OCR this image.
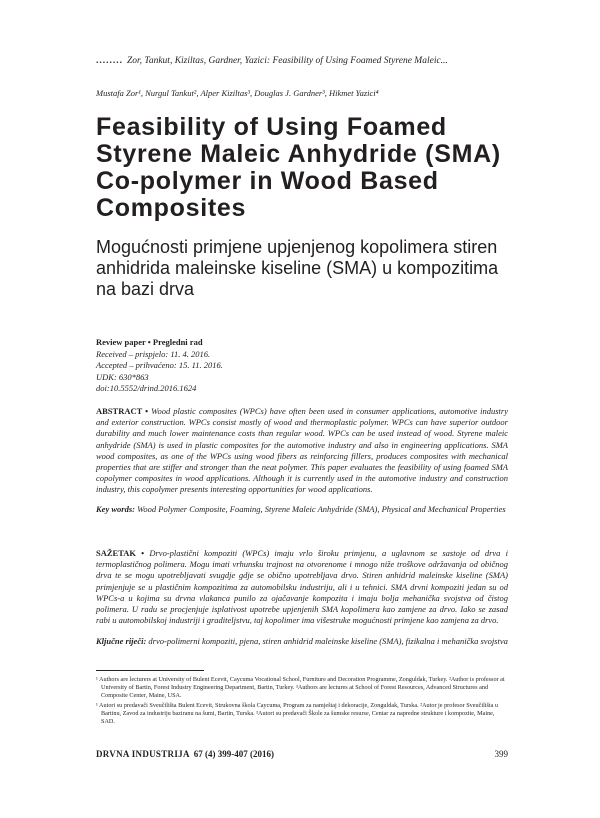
........ Zor, Tankut, Kiziltas, Gardner, Yazici: Feasibility of Using Foamed Styrene Maleic...
Mustafa Zor¹, Nurgul Tankut², Alper Kiziltas³, Douglas J. Gardner³, Hikmet Yazici⁴
Feasibility of Using Foamed Styrene Maleic Anhydride (SMA) Co-polymer in Wood Based Composites
Mogućnosti primjene upjenjenog kopolimera stiren anhidrida maleinske kiseline (SMA) u kompozitima na bazi drva
Review paper • Pregledni rad
Received – prispjelo: 11. 4. 2016.
Accepted – prihvaćeno: 15. 11. 2016.
UDK: 630*863
doi:10.5552/drind.2016.1624
ABSTRACT • Wood plastic composites (WPCs) have often been used in consumer applications, automotive industry and exterior construction. WPCs consist mostly of wood and thermoplastic polymer. WPCs can have superior outdoor durability and much lower maintenance costs than regular wood. WPCs can be used instead of wood. Styrene maleic anhydride (SMA) is used in plastic composites for the automotive industry and also in engineering applications. SMA wood composites, as one of the WPCs using wood fibers as reinforcing fillers, produces composites with mechanical properties that are stiffer and stronger than the neat polymer. This paper evaluates the feasibility of using foamed SMA copolymer composites in wood applications. Although it is currently used in the automotive industry and construction industry, this copolymer presents interesting opportunities for wood applications.
Key words: Wood Polymer Composite, Foaming, Styrene Maleic Anhydride (SMA), Physical and Mechanical Properties
SAŽETAK • Drvo-plastični kompoziti (WPCs) imaju vrlo široku primjenu, a uglavnom se sastoje od drva i termoplastičnog polimera. Mogu imati vrhunsku trajnost na otvorenome i mnogo niže troškove održavanja od običnog drva te se mogu upotrebljavati svugdje gdje se obično upotrebljava drvo. Stiren anhidrid maleinske kiseline (SMA) primjenjuje se u plastičnim kompozitima za automobilsku industriju, ali i u tehnici. SMA drvni kompoziti jedan su od WPCs-a u kojima su drvna vlakanca punilo za ojačavanje kompozita i imaju bolja mehanička svojstva od čistog polimera. U radu se procjenjuje isplativost upotrebe upjenjenih SMA kopolimera kao zamjene za drvo. Iako se zasad rabi u automobilskoj industriji i graditeljstvu, taj kopolimer ima višestruke mogućnosti primjene kao zamjena za drvo.
Ključne riječi: drvo-polimerni kompoziti, pjena, stiren anhidrid maleinske kiseline (SMA), fizikalna i mehanička svojstva

¹ Authors are lecturers at University of Bulent Ecevit, Caycuma Vocational School, Furniture and Decoration Programme, Zonguldak, Turkey. ²Author is professor at University of Bartin, Forest Industry Engineering Department, Bartin, Turkey. ³Authors are lectures at School of Forest Resources, Advanced Structures and Composite Center, Maine, USA.

¹ Autori su predavači Sveučilišta Bulent Ecevit, Strukovna škola Caycuma, Program za namještaj i dekoracije, Zonguldak, Turska. ²Autor je profesor Sveučilišta u Bartinu, Zavod za industriju baziranu na šumi, Bartin, Turska. ³Autori su predavači Škole za šumske resurse, Centar za napredne strukture i kompozite, Maine, SAD.

DRVNA INDUSTRIJA 67 (4) 399-407 (2016)	399
